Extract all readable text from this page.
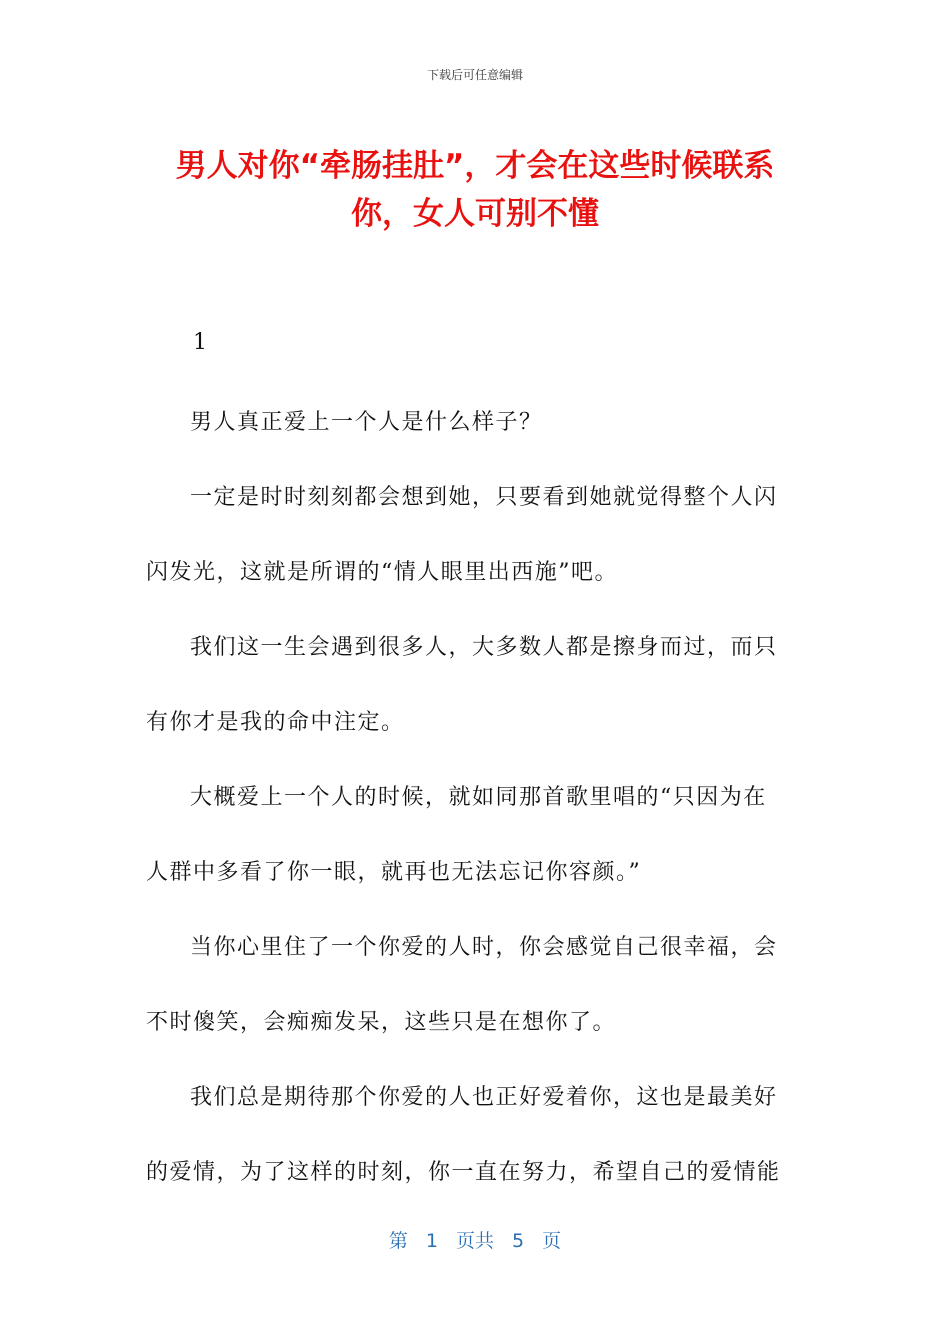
下载后可任意编辑
男人对你“牵肠挂肚”，才会在这些时候联系你，女人可别不懂
1

男人真正爱上一个人是什么样子？

一定是时时刻刻都会想到她，只要看到她就觉得整个人闪
闪发光，这就是所谓的“情人眼里出西施”吧。

我们这一生会遇到很多人，大多数人都是擦身而过，而只
有你才是我的命中注定。

大概爱上一个人的时候，就如同那首歌里唱的“只因为在
人群中多看了你一眼，就再也无法忘记你容颜。”

当你心里住了一个你爱的人时，你会感觉自己很幸福，会
不时傻笑，会痴痴发呆，这些只是在想你了。

我们总是期待那个你爱的人也正好爱着你，这也是最美好
的爱情，为了这样的时刻，你一直在努力，希望自己的爱情能

第 1 页共 5 页
